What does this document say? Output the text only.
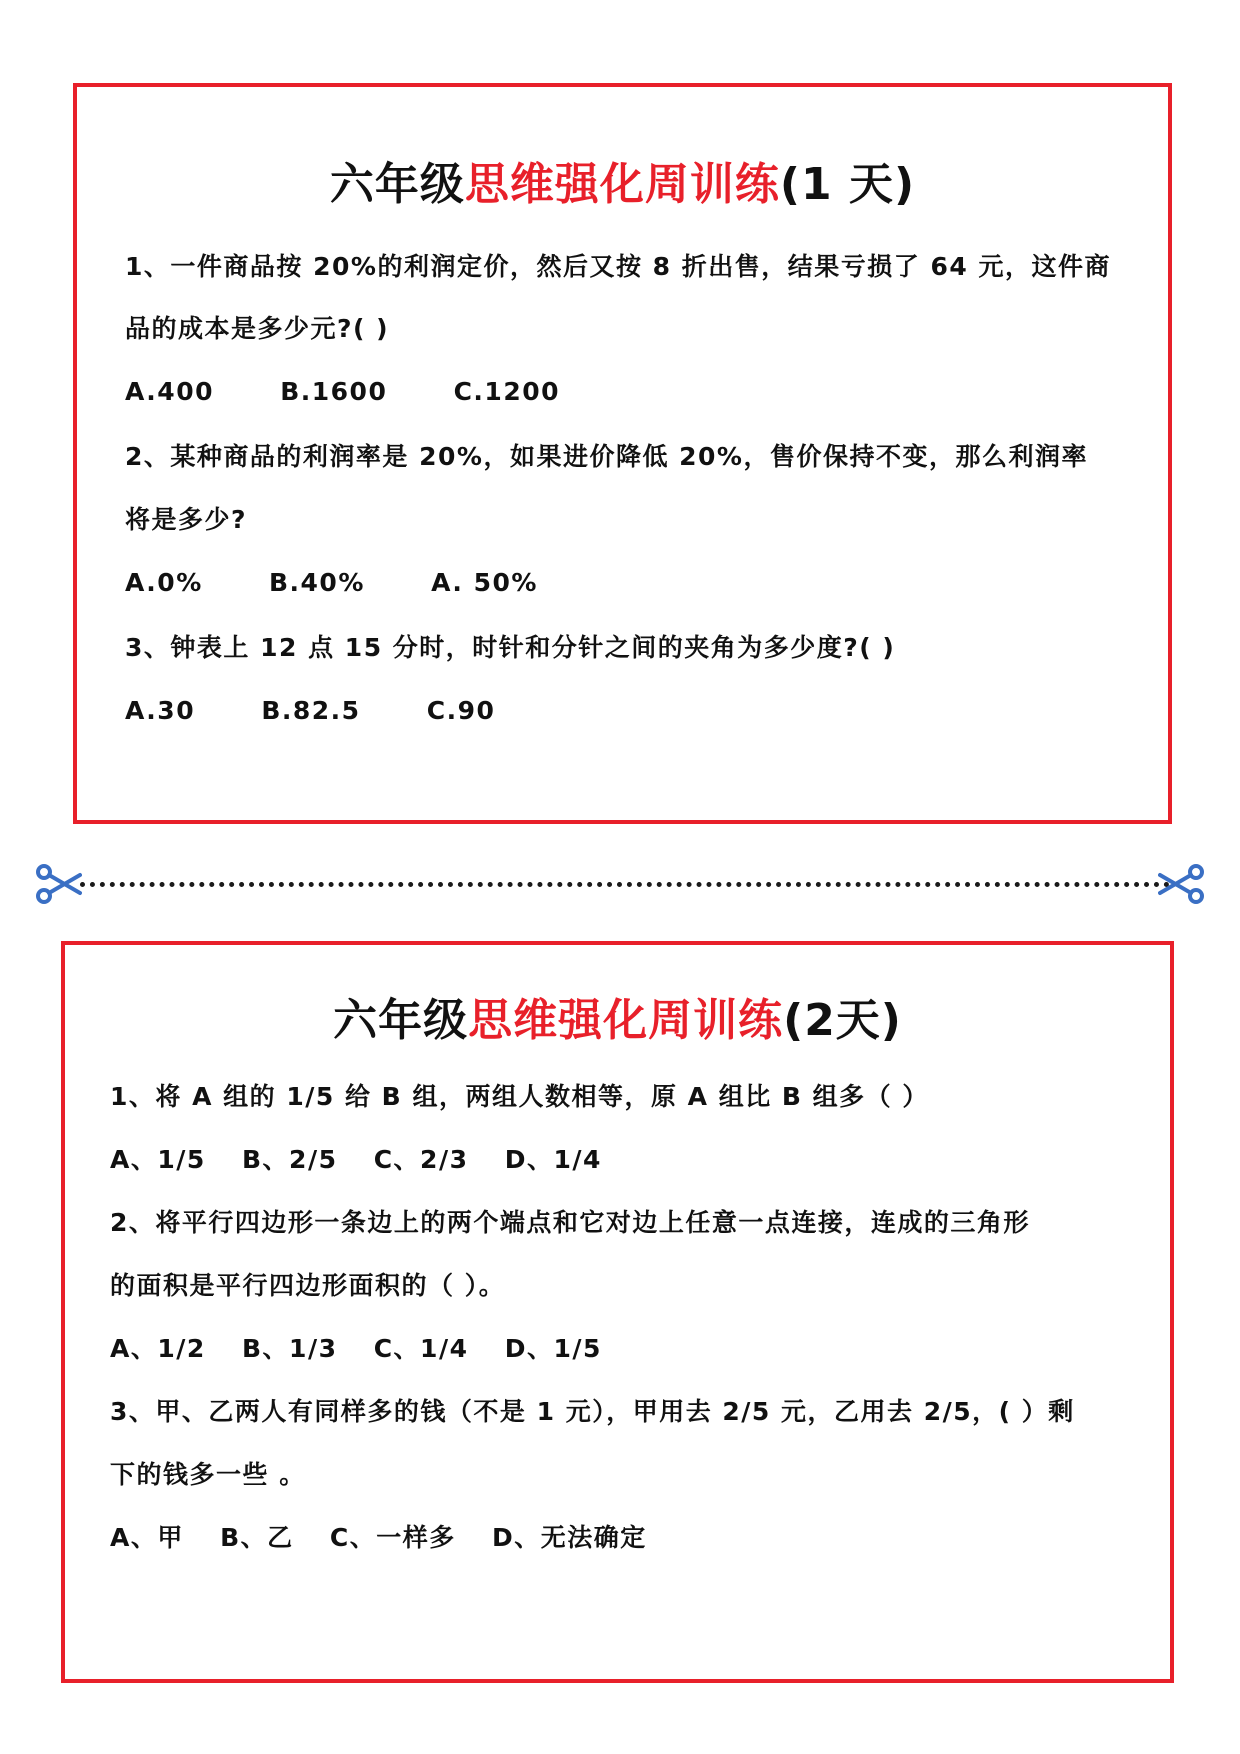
六年级思维强化周训练(1 天)
1、一件商品按 20%的利润定价，然后又按 8 折出售，结果亏损了 64 元，这件商
品的成本是多少元?( )
A.400	B.1600	C.1200
2、某种商品的利润率是 20%，如果进价降低 20%，售价保持不变，那么利润率
将是多少?
A.0%	B.40%	A. 50%
3、钟表上 12 点 15 分时，时针和分针之间的夹角为多少度?( )
A.30	B.82.5	C.90
六年级思维强化周训练(2天)
1、将 A 组的 1/5 给 B 组，两组人数相等，原 A 组比 B 组多（ ）
A、1/5 B、2/5 C、2/3 D、1/4
2、将平行四边形一条边上的两个端点和它对边上任意一点连接，连成的三角形
的面积是平行四边形面积的（ ）。
A、1/2 B、1/3 C、1/4 D、1/5
3、甲、乙两人有同样多的钱（不是 1 元），甲用去 2/5 元，乙用去 2/5，( ）剩
下的钱多一些 。
A、甲 B、乙 C、一样多 D、无法确定
